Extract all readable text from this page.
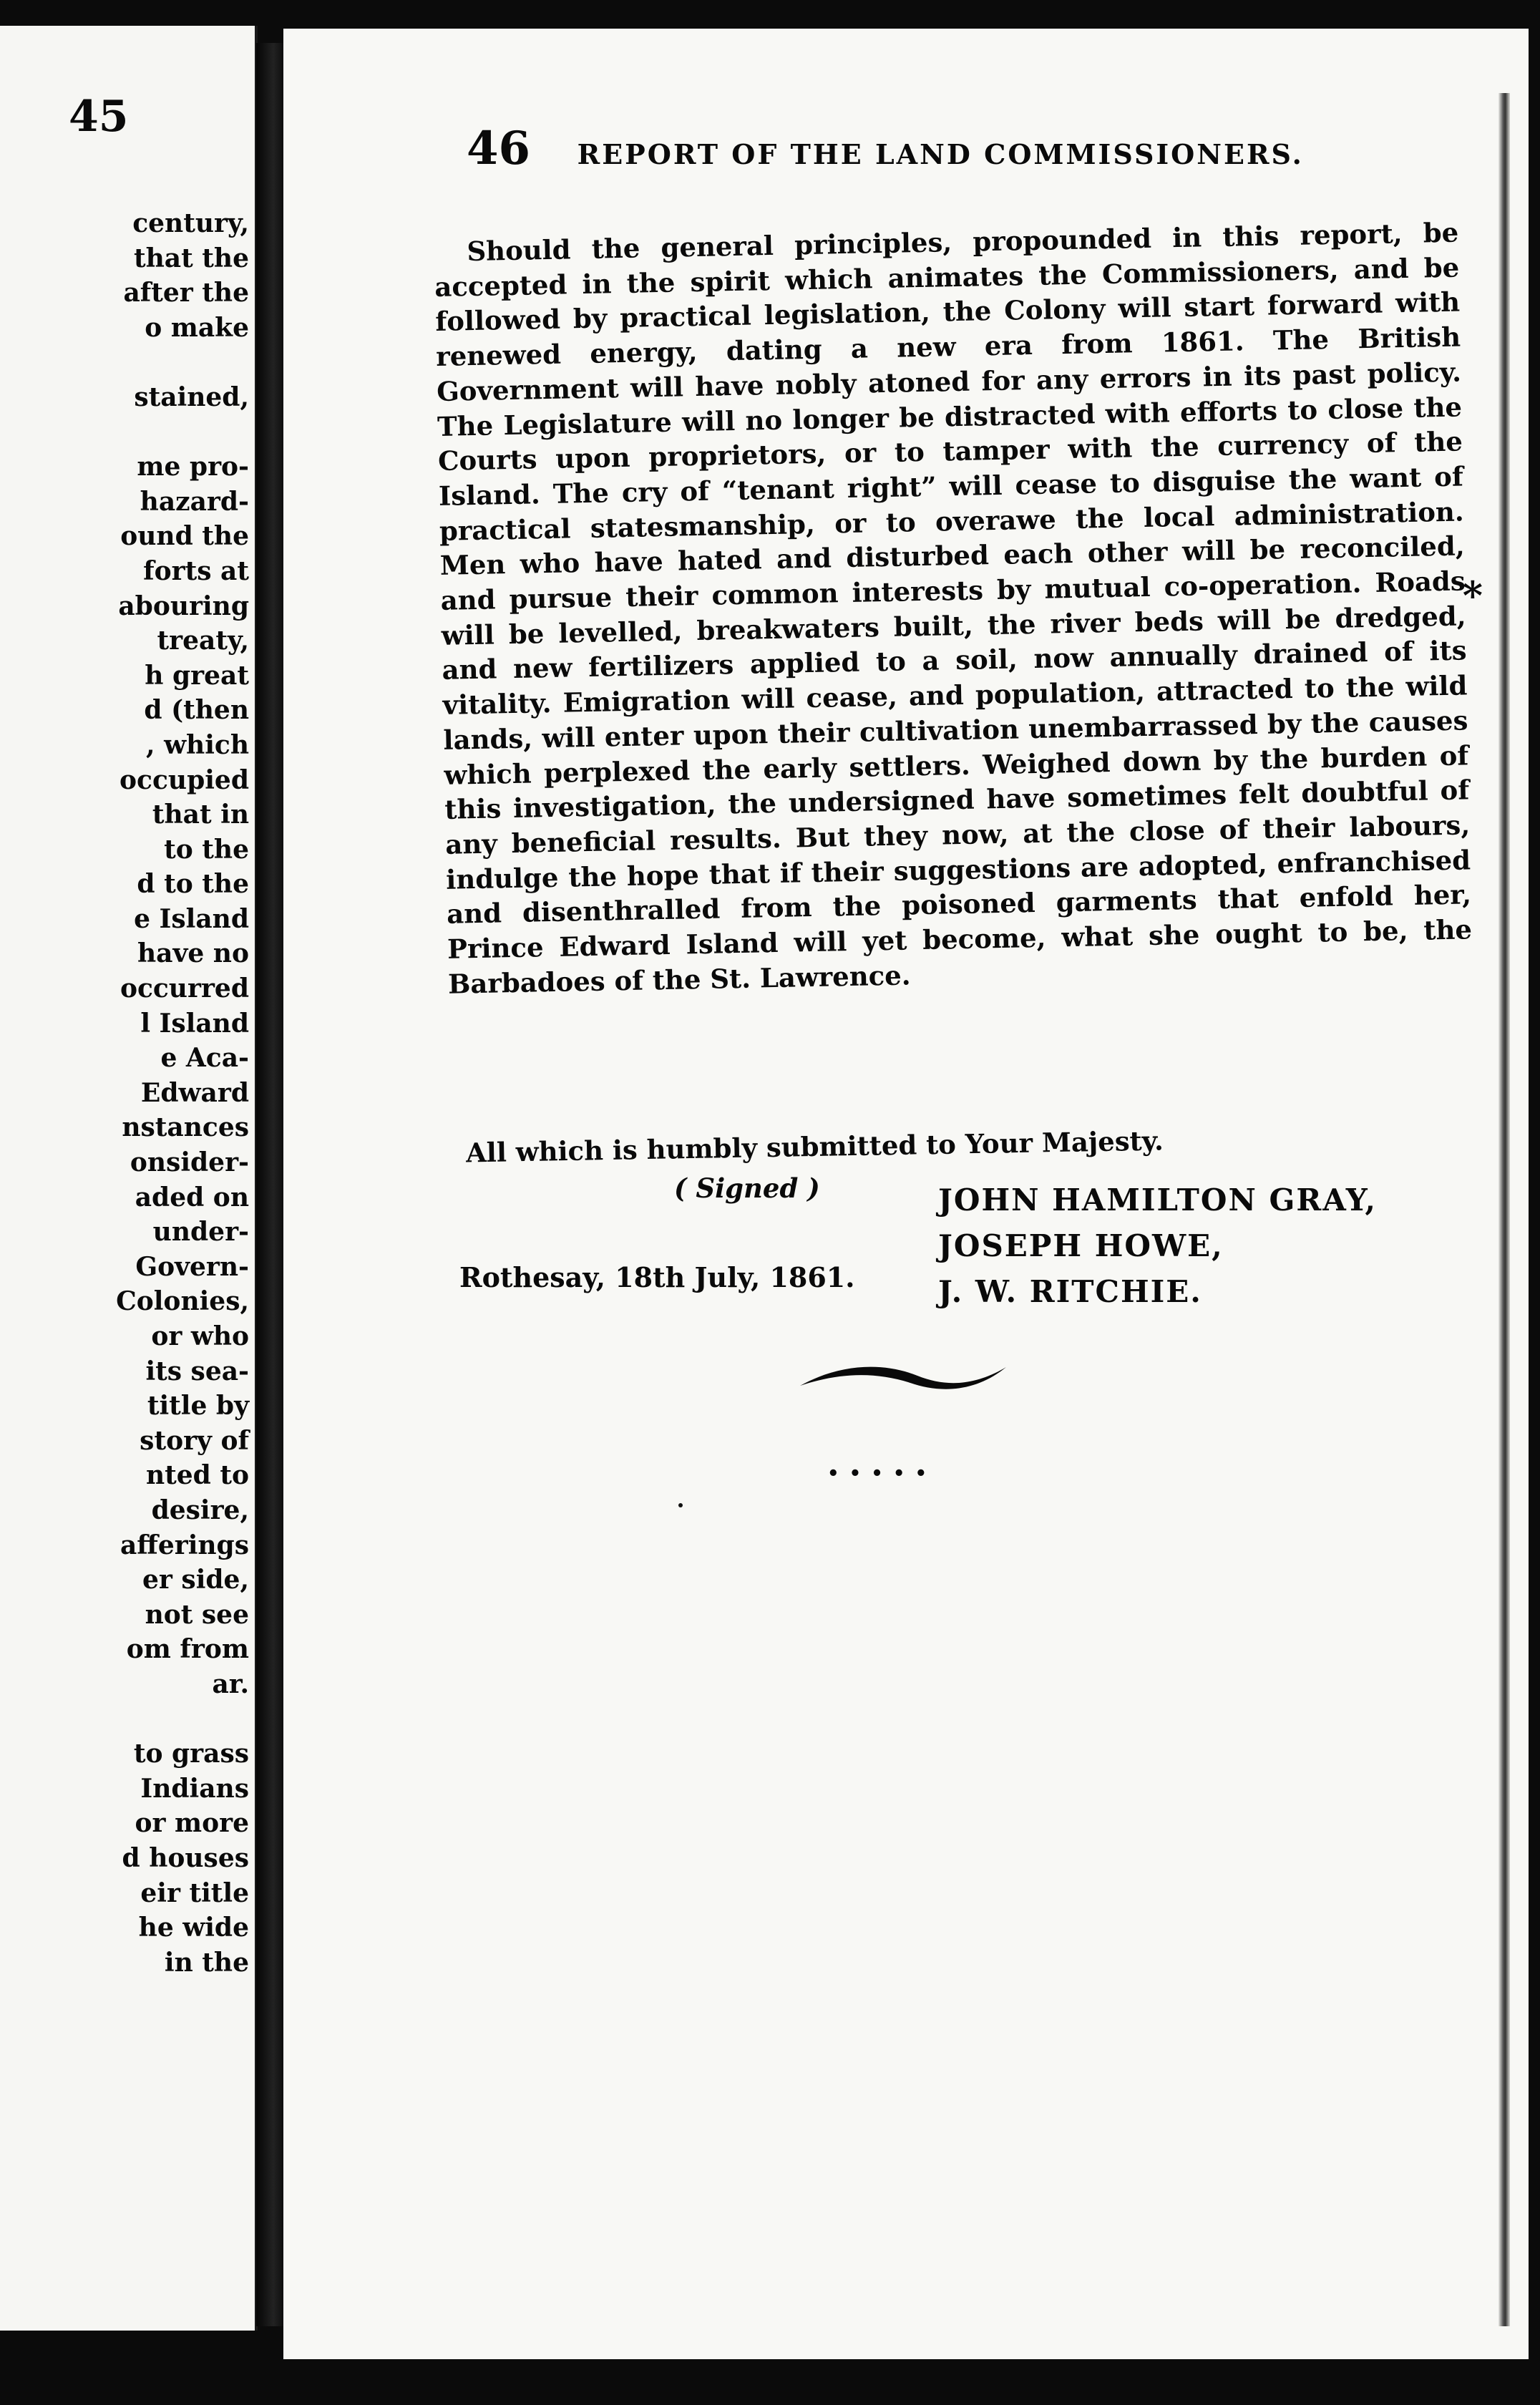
45
century,
that the
after the
o make
stained,
me pro-
hazard-
ound the
forts at
abouring
treaty,
h great
d (then
, which
occupied
that in
to the
d to the
e Island
have no
occurred
l Island
e Aca-
Edward
nstances
onsider-
aded on
under-
Govern-
Colonies,
or who
its sea-
title by
story of
nted to
desire,
afferings
er side,
not see
om from
ar.
to grass
Indians
or more
d houses
eir title
he wide
in the
46 REPORT OF THE LAND COMMISSIONERS.

Should the general principles, propounded in this report, be accepted in the spirit which animates the Commissioners, and be followed by practical legislation, the Colony will start forward with renewed energy, dating a new era from 1861. The British Government will have nobly atoned for any errors in its past policy. The Legislature will no longer be distracted with efforts to close the Courts upon proprietors, or to tamper with the currency of the Island. The cry of “tenant right” will cease to disguise the want of practical statesmanship, or to overawe the local administration. Men who have hated and disturbed each other will be reconciled, and pursue their common interests by mutual co-operation. Roads will be levelled, breakwaters built, the river beds will be dredged, and new fertilizers applied to a soil, now annually drained of its vitality. Emigration will cease, and population, attracted to the wild lands, will enter upon their cultivation unembarrassed by the causes which perplexed the early settlers. Weighed down by the burden of this investigation, the undersigned have sometimes felt doubtful of any beneficial results. But they now, at the close of their labours, indulge the hope that if their suggestions are adopted, enfranchised and disenthralled from the poisoned garments that enfold her, Prince Edward Island will yet become, what she ought to be, the Barbadoes of the St. Lawrence.

All which is humbly submitted to Your Majesty.
( Signed )	JOHN HAMILTON GRAY,
JOSEPH HOWE,
J. W. RITCHIE.
Rothesay, 18th July, 1861.
•••••
*
